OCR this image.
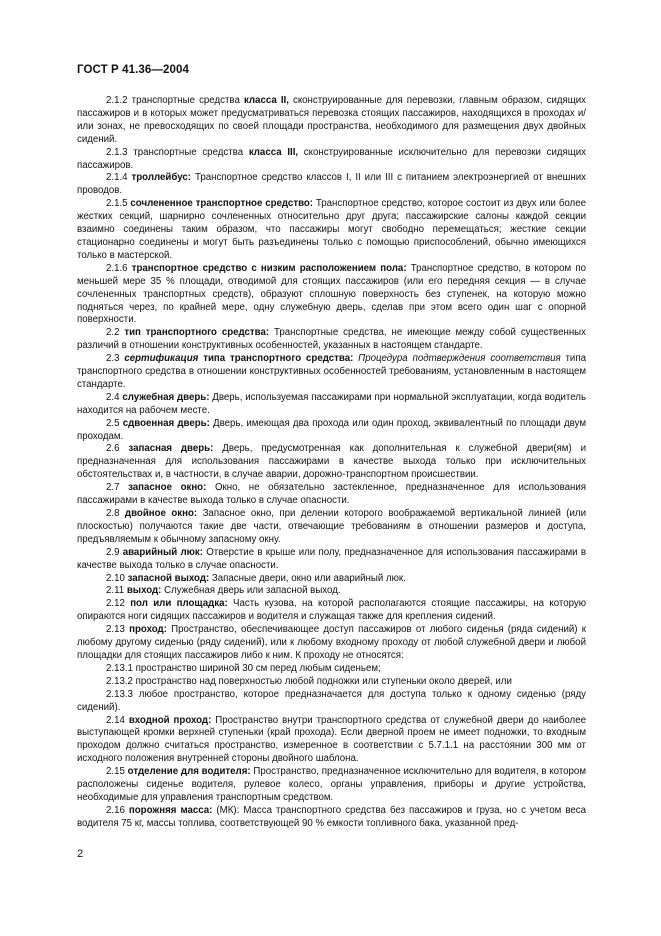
ГОСТ Р 41.36—2004

2.1.2 транспортные средства класса II, сконструированные для перевозки, главным образом, сидящих пассажиров и в которых может предусматриваться перевозка стоящих пассажиров, находящихся в проходах и/или зонах, не превосходящих по своей площади пространства, необходимого для размещения двух двойных сидений.

2.1.3 транспортные средства класса III, сконструированные исключительно для перевозки сидящих пассажиров.

2.1.4 троллейбус: Транспортное средство классов I, II или III с питанием электроэнергией от внешних проводов.

2.1.5 сочлененное транспортное средство: Транспортное средство, которое состоит из двух или более жестких секций, шарнирно сочлененных относительно друг друга; пассажирские салоны каждой секции взаимно соединены таким образом, что пассажиры могут свободно перемещаться; жесткие секции стационарно соединены и могут быть разъединены только с помощью приспособлений, обычно имеющихся только в мастерской.

2.1.6 транспортное средство с низким расположением пола: Транспортное средство, в котором по меньшей мере 35 % площади, отводимой для стоящих пассажиров (или его передняя секция — в случае сочлененных транспортных средств), образуют сплошную поверхность без ступенек, на которую можно подняться через, по крайней мере, одну служебную дверь, сделав при этом всего один шаг с опорной поверхности.

2.2 тип транспортного средства: Транспортные средства, не имеющие между собой существенных различий в отношении конструктивных особенностей, указанных в настоящем стандарте.

2.3 сертификация типа транспортного средства: Процедура подтверждения соответствия типа транспортного средства в отношении конструктивных особенностей требованиям, установленным в настоящем стандарте.

2.4 служебная дверь: Дверь, используемая пассажирами при нормальной эксплуатации, когда водитель находится на рабочем месте.

2.5 сдвоенная дверь: Дверь, имеющая два прохода или один проход, эквивалентный по площади двум проходам.

2.6 запасная дверь: Дверь, предусмотренная как дополнительная к служебной двери(ям) и предназначенная для использования пассажирами в качестве выхода только при исключительных обстоятельствах и, в частности, в случае аварии, дорожно-транспортном происшествии.

2.7 запасное окно: Окно, не обязательно застекленное, предназначенное для использования пассажирами в качестве выхода только в случае опасности.

2.8 двойное окно: Запасное окно, при делении которого воображаемой вертикальной линией (или плоскостью) получаются такие две части, отвечающие требованиям в отношении размеров и доступа, предъявляемым к обычному запасному окну.

2.9 аварийный люк: Отверстие в крыше или полу, предназначенное для использования пассажирами в качестве выхода только в случае опасности.

2.10 запасной выход: Запасные двери, окно или аварийный люк.

2.11 выход: Служебная дверь или запасной выход.

2.12 пол или площадка: Часть кузова, на которой располагаются стоящие пассажиры, на которую опираются ноги сидящих пассажиров и водителя и служащая также для крепления сидений.

2.13 проход: Пространство, обеспечивающее доступ пассажиров от любого сиденья (ряда сидений) к любому другому сиденью (ряду сидений), или к любому входному проходу от любой служебной двери и любой площадки для стоящих пассажиров либо к ним. К проходу не относятся:

2.13.1 пространство шириной 30 см перед любым сиденьем;

2.13.2 пространство над поверхностью любой подножки или ступеньки около дверей, или

2.13.3 любое пространство, которое предназначается для доступа только к одному сиденью (ряду сидений).

2.14 входной проход: Пространство внутри транспортного средства от служебной двери до наиболее выступающей кромки верхней ступеньки (край прохода). Если дверной проем не имеет подножки, то входным проходом должно считаться пространство, измеренное в соответствии с 5.7.1.1 на расстоянии 300 мм от исходного положения внутренней стороны двойного шаблона.

2.15 отделение для водителя: Пространство, предназначенное исключительно для водителя, в котором расположены сиденье водителя, рулевое колесо, органы управления, приборы и другие устройства, необходимые для управления транспортным средством.

2.16 порожняя масса: (МК): Масса транспортного средства без пассажиров и груза, но с учетом веса водителя 75 кг, массы топлива, соответствующей 90 % емкости топливного бака, указанной пред-

2
